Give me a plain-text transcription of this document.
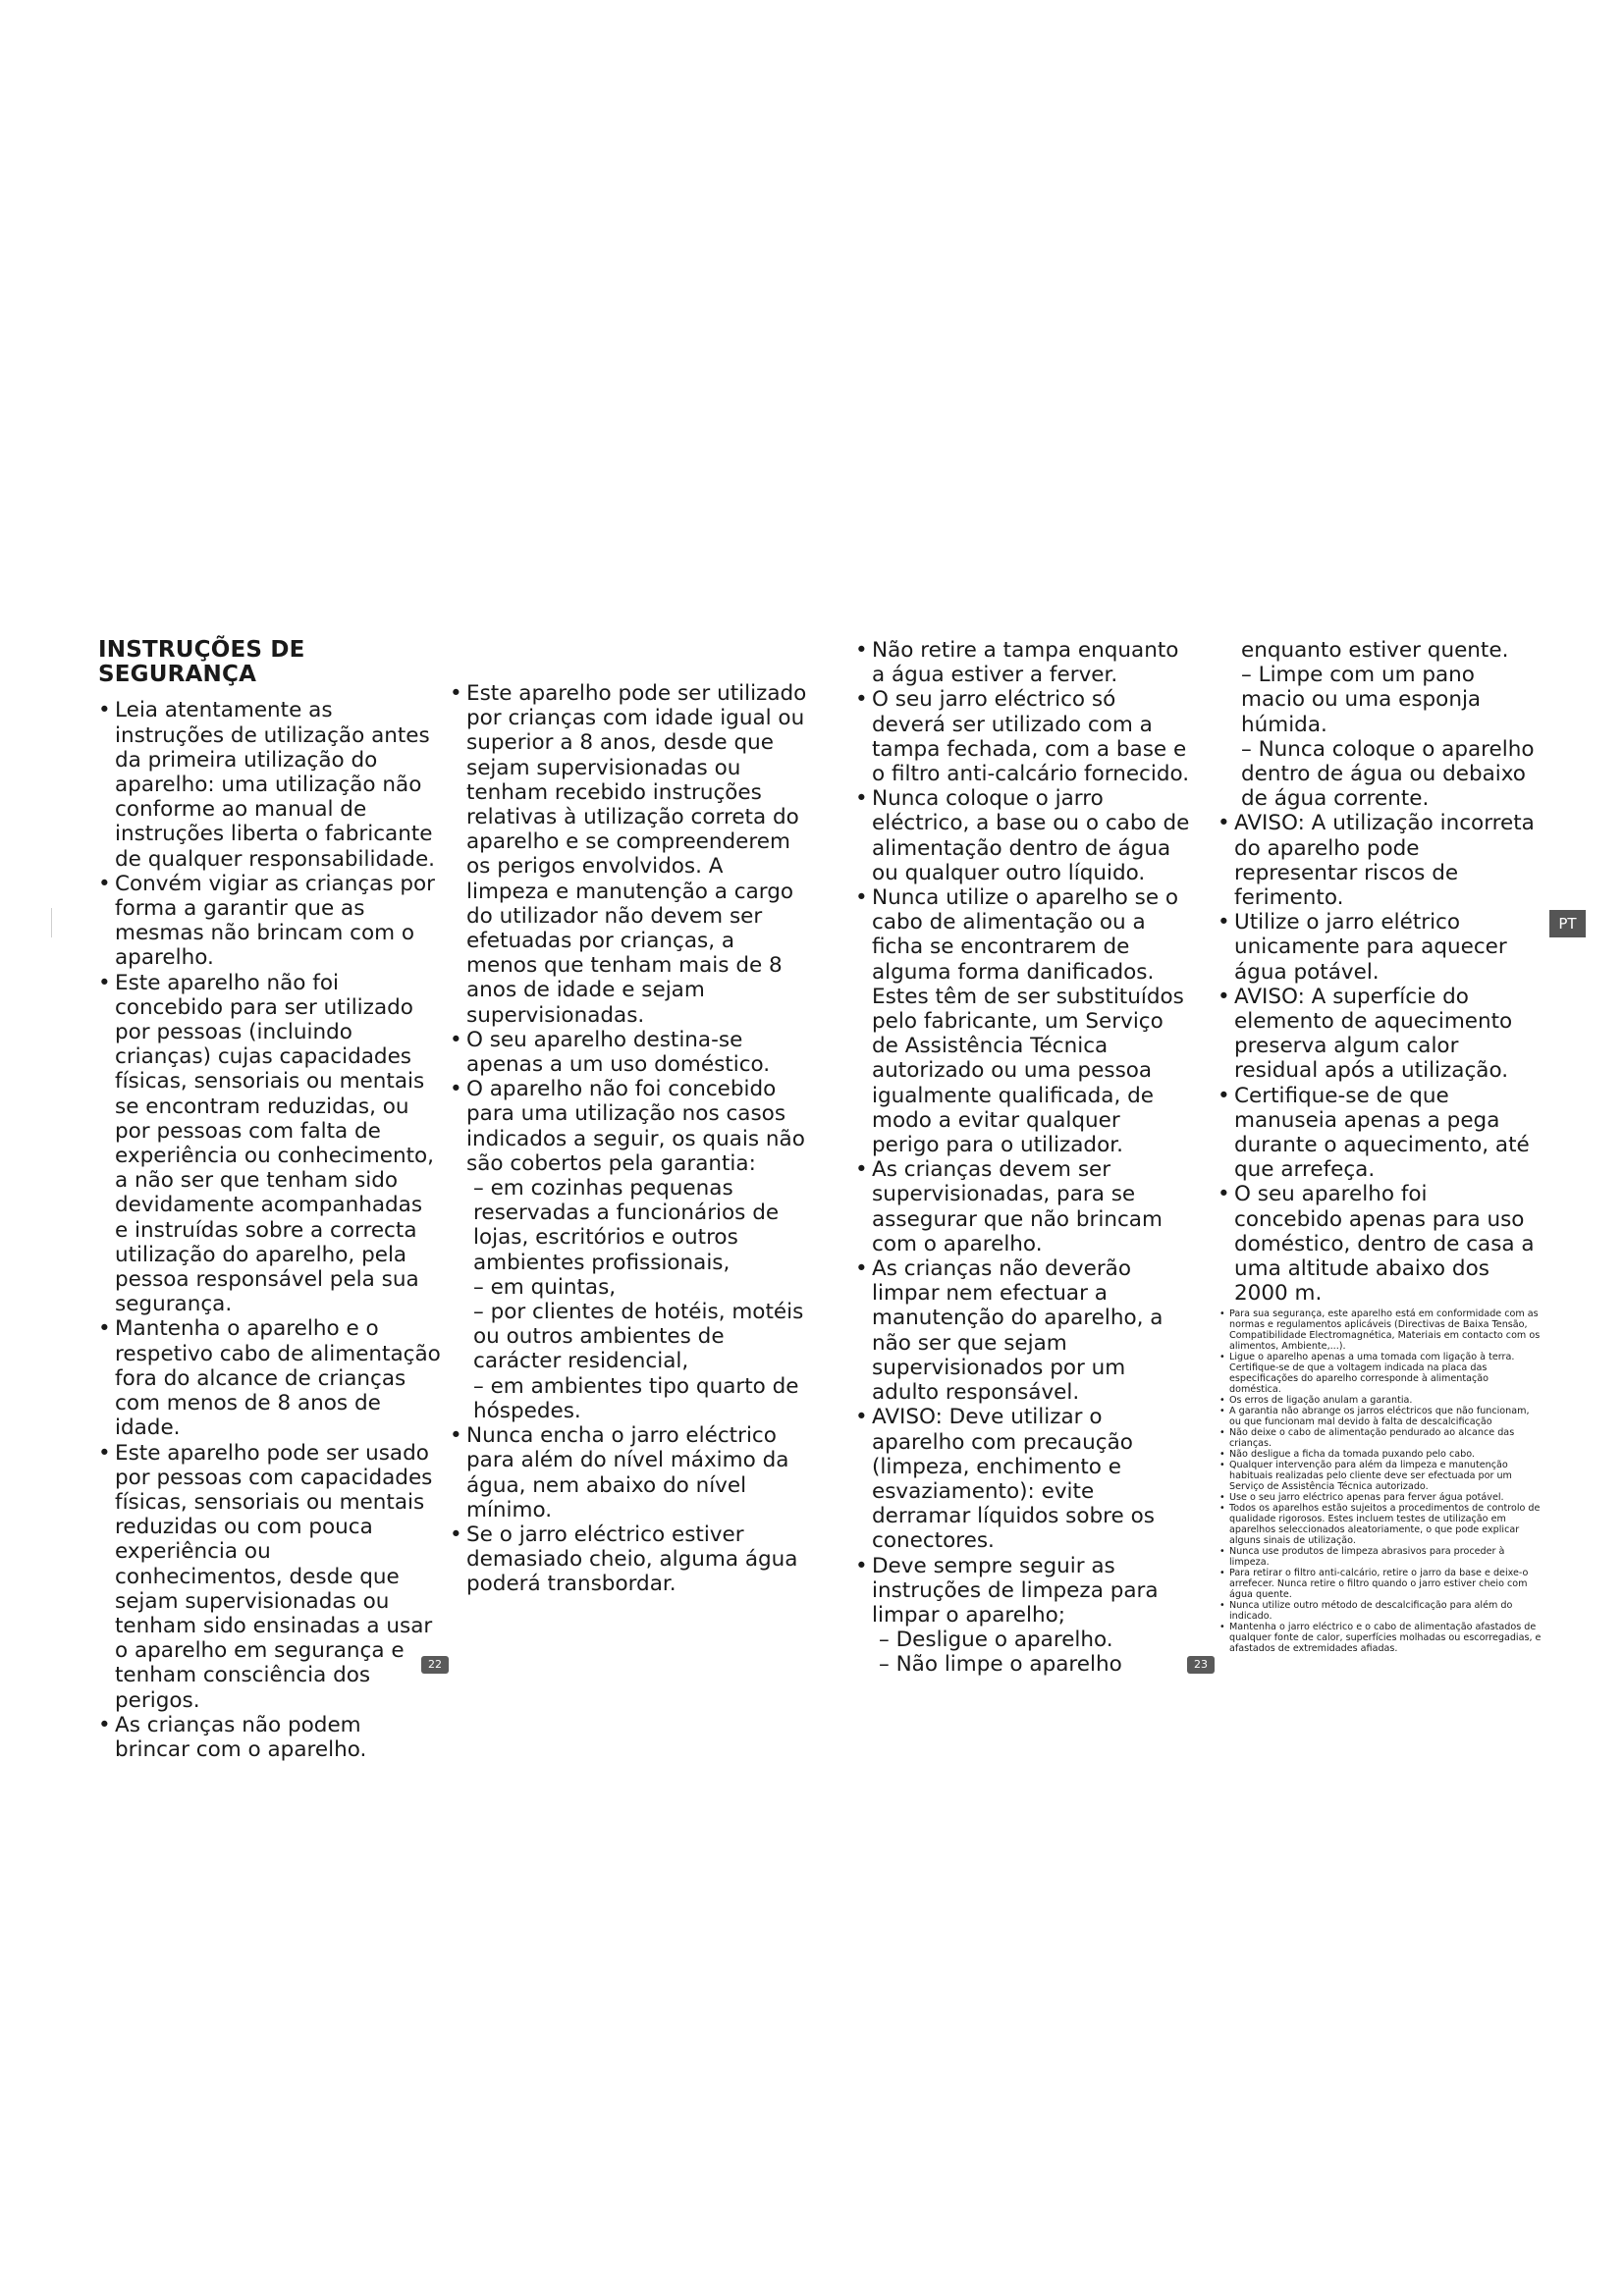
INSTRUÇÕES DE SEGURANÇA
• Leia atentamente as instruções de utilização antes da primeira utilização do aparelho: uma utilização não conforme ao manual de instruções liberta o fabricante de qualquer responsabilidade.
• Convém vigiar as crianças por forma a garantir que as mesmas não brincam com o aparelho.
• Este aparelho não foi concebido para ser utilizado por pessoas (incluindo crianças) cujas capacidades físicas, sensoriais ou mentais se encontram reduzidas, ou por pessoas com falta de experiência ou conhecimento, a não ser que tenham sido devidamente acompanhadas e instruídas sobre a correcta utilização do aparelho, pela pessoa responsável pela sua segurança.
• Mantenha o aparelho e o respetivo cabo de alimentação fora do alcance de crianças com menos de 8 anos de idade.
• Este aparelho pode ser usado por pessoas com capacidades físicas, sensoriais ou mentais reduzidas ou com pouca experiência ou conhecimentos, desde que sejam supervisionadas ou tenham sido ensinadas a usar o aparelho em segurança e tenham consciência dos perigos.
• As crianças não podem brincar com o aparelho.
• Este aparelho pode ser utilizado por crianças com idade igual ou superior a 8 anos, desde que sejam supervisionadas ou tenham recebido instruções relativas à utilização correta do aparelho e se compreenderem os perigos envolvidos. A limpeza e manutenção a cargo do utilizador não devem ser efetuadas por crianças, a menos que tenham mais de 8 anos de idade e sejam supervisionadas.
• O seu aparelho destina-se apenas a um uso doméstico.
• O aparelho não foi concebido para uma utilização nos casos indicados a seguir, os quais não são cobertos pela garantia:
– em cozinhas pequenas reservadas a funcionários de lojas, escritórios e outros ambientes profissionais,
– em quintas,
– por clientes de hotéis, motéis ou outros ambientes de carácter residencial,
– em ambientes tipo quarto de hóspedes.
• Nunca encha o jarro eléctrico para além do nível máximo da água, nem abaixo do nível mínimo.
• Se o jarro eléctrico estiver demasiado cheio, alguma água poderá transbordar.
• Não retire a tampa enquanto a água estiver a ferver.
• O seu jarro eléctrico só deverá ser utilizado com a tampa fechada, com a base e o filtro anti-calcário fornecido.
• Nunca coloque o jarro eléctrico, a base ou o cabo de alimentação dentro de água ou qualquer outro líquido.
• Nunca utilize o aparelho se o cabo de alimentação ou a ficha se encontrarem de alguma forma danificados. Estes têm de ser substituídos pelo fabricante, um Serviço de Assistência Técnica autorizado ou uma pessoa igualmente qualificada, de modo a evitar qualquer perigo para o utilizador.
• As crianças devem ser supervisionadas, para se assegurar que não brincam com o aparelho.
• As crianças não deverão limpar nem efectuar a manutenção do aparelho, a não ser que sejam supervisionados por um adulto responsável.
• AVISO: Deve utilizar o aparelho com precaução (limpeza, enchimento e esvaziamento): evite derramar líquidos sobre os conectores.
• Deve sempre seguir as instruções de limpeza para limpar o aparelho;
– Desligue o aparelho.
– Não limpe o aparelho
enquanto estiver quente.
– Limpe com um pano macio ou uma esponja húmida.
– Nunca coloque o aparelho dentro de água ou debaixo de água corrente.
• AVISO: A utilização incorreta do aparelho pode representar riscos de ferimento.
• Utilize o jarro elétrico unicamente para aquecer água potável.
• AVISO: A superfície do elemento de aquecimento preserva algum calor residual após a utilização.
• Certifique-se de que manuseia apenas a pega durante o aquecimento, até que arrefeça.
• O seu aparelho foi concebido apenas para uso doméstico, dentro de casa a uma altitude abaixo dos 2000 m.
• Para sua segurança, este aparelho está em conformidade com as normas e regulamentos aplicáveis (Directivas de Baixa Tensão, Compatibilidade Electromagnética, Materiais em contacto com os alimentos, Ambiente,...).
• Ligue o aparelho apenas a uma tomada com ligação à terra. Certifique-se de que a voltagem indicada na placa das especificações do aparelho corresponde à alimentação doméstica.
• Os erros de ligação anulam a garantia.
• A garantia não abrange os jarros eléctricos que não funcionam, ou que funcionam mal devido à falta de descalcificação
• Não deixe o cabo de alimentação pendurado ao alcance das crianças.
• Não desligue a ficha da tomada puxando pelo cabo.
• Qualquer intervenção para além da limpeza e manutenção habituais realizadas pelo cliente deve ser efectuada por um Serviço de Assistência Técnica autorizado.
• Use o seu jarro eléctrico apenas para ferver água potável.
• Todos os aparelhos estão sujeitos a procedimentos de controlo de qualidade rigorosos. Estes incluem testes de utilização em aparelhos seleccionados aleatoriamente, o que pode explicar alguns sinais de utilização.
• Nunca use produtos de limpeza abrasivos para proceder à limpeza.
• Para retirar o filtro anti-calcário, retire o jarro da base e deixe-o arrefecer. Nunca retire o filtro quando o jarro estiver cheio com água quente.
• Nunca utilize outro método de descalcificação para além do indicado.
• Mantenha o jarro eléctrico e o cabo de alimentação afastados de qualquer fonte de calor, superfícies molhadas ou escorregadias, e afastados de extremidades afiadas.
22	23
PT
